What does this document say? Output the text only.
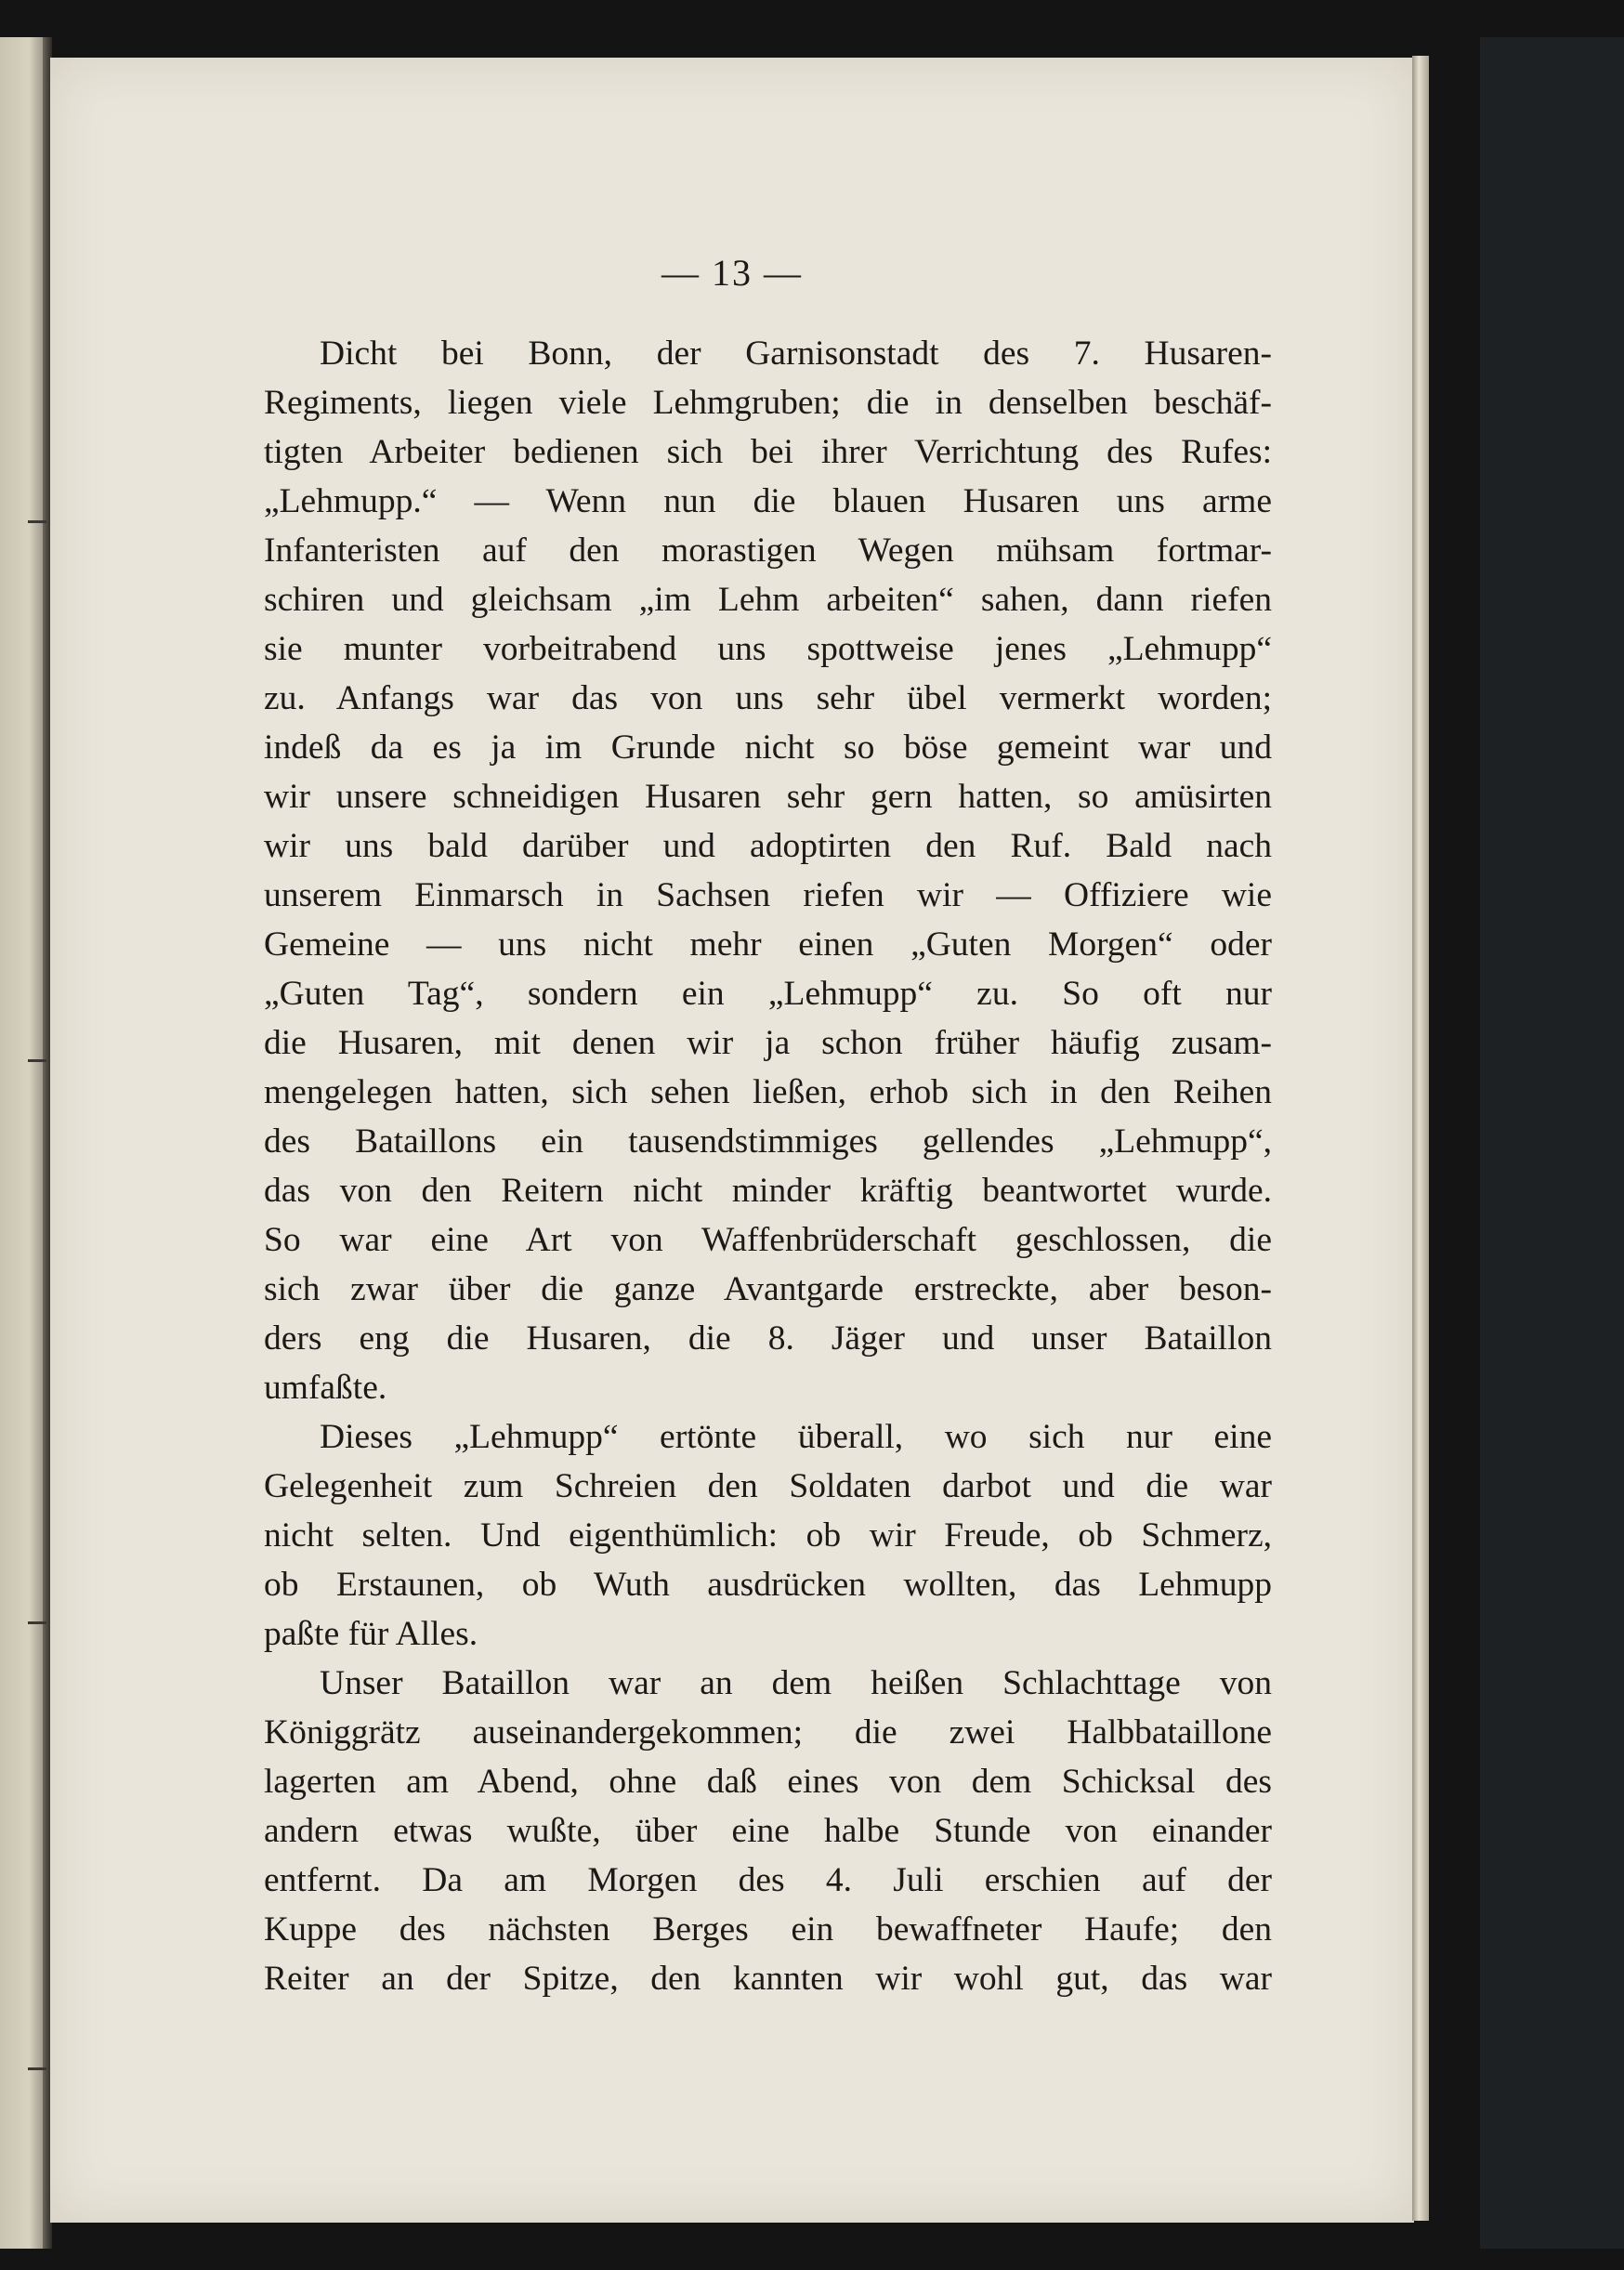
— 13 —
Dicht bei Bonn, der Garnisonstadt des 7. Husaren-
Regiments, liegen viele Lehmgruben; die in denselben beschäf-
tigten Arbeiter bedienen sich bei ihrer Verrichtung des Rufes:
„Lehmupp.“ — Wenn nun die blauen Husaren uns arme
Infanteristen auf den morastigen Wegen mühsam fortmar-
schiren und gleichsam „im Lehm arbeiten“ sahen, dann riefen
sie munter vorbeitrabend uns spottweise jenes „Lehmupp“
zu. Anfangs war das von uns sehr übel vermerkt worden;
indeß da es ja im Grunde nicht so böse gemeint war und
wir unsere schneidigen Husaren sehr gern hatten, so amüsirten
wir uns bald darüber und adoptirten den Ruf. Bald nach
unserem Einmarsch in Sachsen riefen wir — Offiziere wie
Gemeine — uns nicht mehr einen „Guten Morgen“ oder
„Guten Tag“, sondern ein „Lehmupp“ zu. So oft nur
die Husaren, mit denen wir ja schon früher häufig zusam-
mengelegen hatten, sich sehen ließen, erhob sich in den Reihen
des Bataillons ein tausendstimmiges gellendes „Lehmupp“,
das von den Reitern nicht minder kräftig beantwortet wurde.
So war eine Art von Waffenbrüderschaft geschlossen, die
sich zwar über die ganze Avantgarde erstreckte, aber beson-
ders eng die Husaren, die 8. Jäger und unser Bataillon
umfaßte.
Dieses „Lehmupp“ ertönte überall, wo sich nur eine
Gelegenheit zum Schreien den Soldaten darbot und die war
nicht selten. Und eigenthümlich: ob wir Freude, ob Schmerz,
ob Erstaunen, ob Wuth ausdrücken wollten, das Lehmupp
paßte für Alles.
Unser Bataillon war an dem heißen Schlachttage von
Königgrätz auseinandergekommen; die zwei Halbbataillone
lagerten am Abend, ohne daß eines von dem Schicksal des
andern etwas wußte, über eine halbe Stunde von einander
entfernt. Da am Morgen des 4. Juli erschien auf der
Kuppe des nächsten Berges ein bewaffneter Haufe; den
Reiter an der Spitze, den kannten wir wohl gut, das war
